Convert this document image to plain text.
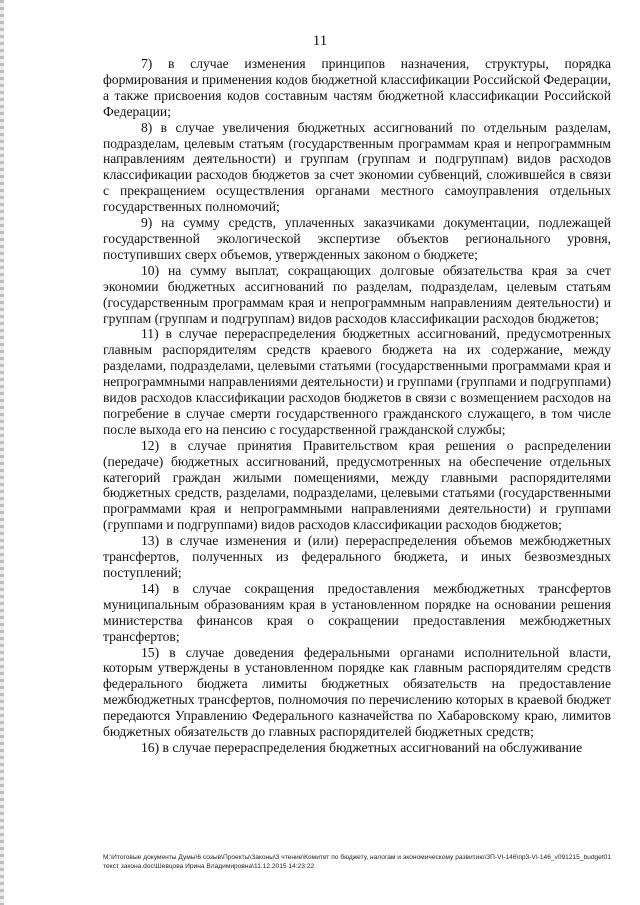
11

7) в случае изменения принципов назначения, структуры, порядка формирования и применения кодов бюджетной классификации Российской Федерации, а также присвоения кодов составным частям бюджетной классификации Российской Федерации;

8) в случае увеличения бюджетных ассигнований по отдельным разделам, подразделам, целевым статьям (государственным программам края и непрограммным направлениям деятельности) и группам (группам и подгруппам) видов расходов классификации расходов бюджетов за счет экономии субвенций, сложившейся в связи с прекращением осуществления органами местного самоуправления отдельных государственных полномочий;

9) на сумму средств, уплаченных заказчиками документации, подлежащей государственной экологической экспертизе объектов регионального уровня, поступивших сверх объемов, утвержденных законом о бюджете;

10) на сумму выплат, сокращающих долговые обязательства края за счет экономии бюджетных ассигнований по разделам, подразделам, целевым статьям (государственным программам края и непрограммным направлениям деятельности) и группам (группам и подгруппам) видов расходов классификации расходов бюджетов;

11) в случае перераспределения бюджетных ассигнований, предусмотренных главным распорядителям средств краевого бюджета на их содержание, между разделами, подразделами, целевыми статьями (государственными программами края и непрограммными направлениями деятельности) и группами (группами и подгруппами) видов расходов классификации расходов бюджетов в связи с возмещением расходов на погребение в случае смерти государственного гражданского служащего, в том числе после выхода его на пенсию с государственной гражданской службы;

12) в случае принятия Правительством края решения о распределении (передаче) бюджетных ассигнований, предусмотренных на обеспечение отдельных категорий граждан жилыми помещениями, между главными распорядителями бюджетных средств, разделами, подразделами, целевыми статьями (государственными программами края и непрограммными направлениями деятельности) и группами (группами и подгруппами) видов расходов классификации расходов бюджетов;

13) в случае изменения и (или) перераспределения объемов межбюджетных трансфертов, полученных из федерального бюджета, и иных безвозмездных поступлений;

14) в случае сокращения предоставления межбюджетных трансфертов муниципальным образованиям края в установленном порядке на основании решения министерства финансов края о сокращении предоставления межбюджетных трансфертов;

15) в случае доведения федеральными органами исполнительной власти, которым утверждены в установленном порядке как главным распорядителям средств федерального бюджета лимиты бюджетных обязательств на предоставление межбюджетных трансфертов, полномочия по перечислению которых в краевой бюджет передаются Управлению Федерального казначейства по Хабаровскому краю, лимитов бюджетных обязательств до главных распорядителей бюджетных средств;

16) в случае перераспределения бюджетных ассигнований на обслуживание

М:\Итоговые документы Думы\6 созыв\Проекты\Законы\3 чтение\Комитет по бюджету, налогам и экономическому развитию\ЗП-VI-146\пр3-VI-146_v091215_budget01 текст закона.doc\Шевцова Ирина Владимировна\11.12.2015 14:23:22
